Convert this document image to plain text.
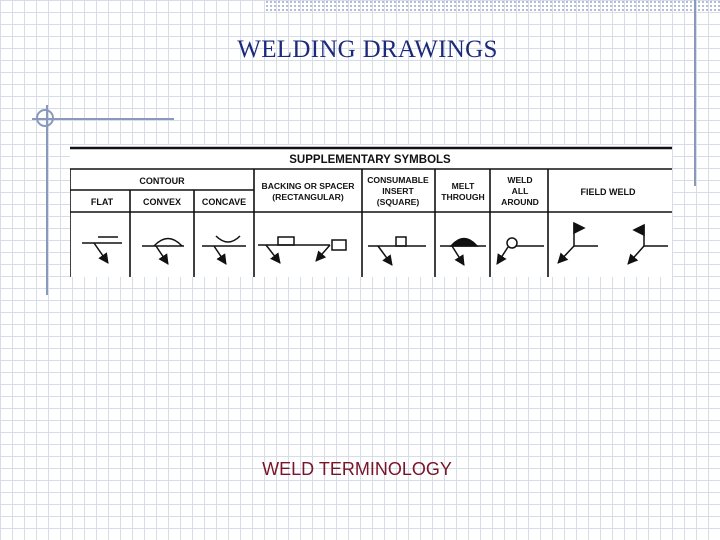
WELDING DRAWINGS
SUPPLEMENTARY SYMBOLS
CONTOUR
FLAT	CONVEX CONCAVE
BACKING OR SPACER
(RECTANGULAR)
CONSUMABLE
INSERT
(SQUARE)
MELT
THROUGH
WELD
ALL
AROUND
FIELD WELD
WELD TERMINOLOGY
